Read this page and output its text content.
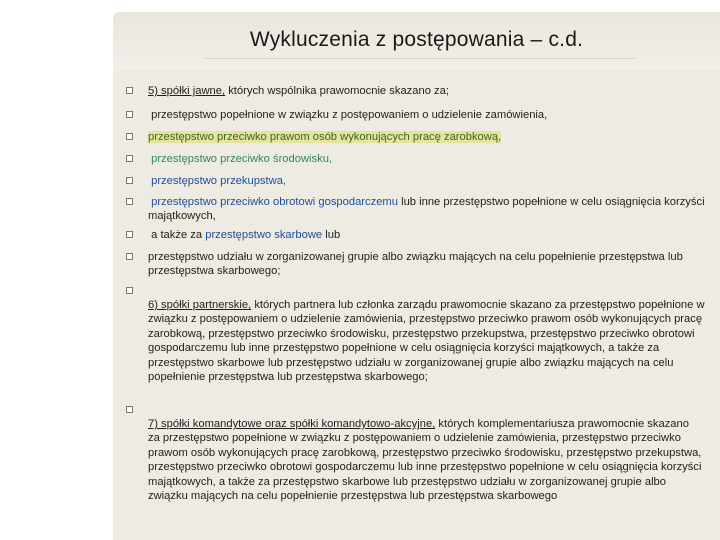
Wykluczenia z postępowania – c.d.

5) spółki jawne, których wspólnika prawomocnie skazano za;

przestępstwo popełnione w związku z postępowaniem o udzielenie zamówienia,

przestępstwo przeciwko prawom osób wykonujących pracę zarobkową,

przestępstwo przeciwko środowisku,

przestępstwo przekupstwa,

przestępstwo przeciwko obrotowi gospodarczemu lub inne przestępstwo popełnione w celu osiągnięcia korzyści majątkowych,

a także za przestępstwo skarbowe lub

przestępstwo udziału w zorganizowanej grupie albo związku mających na celu popełnienie przestępstwa lub przestępstwa skarbowego;

6) spółki partnerskie, których partnera lub członka zarządu prawomocnie skazano za przestępstwo popełnione w związku z postępowaniem o udzielenie zamówienia, przestępstwo przeciwko prawom osób wykonujących pracę zarobkową, przestępstwo przeciwko środowisku, przestępstwo przekupstwa, przestępstwo przeciwko obrotowi gospodarczemu lub inne przestępstwo popełnione w celu osiągnięcia korzyści majątkowych, a także za przestępstwo skarbowe lub przestępstwo udziału w zorganizowanej grupie albo związku mających na celu popełnienie przestępstwa lub przestępstwa skarbowego;

7) spółki komandytowe oraz spółki komandytowo-akcyjne, których komplementariusza prawomocnie skazano za przestępstwo popełnione w związku z postępowaniem o udzielenie zamówienia, przestępstwo przeciwko prawom osób wykonujących pracę zarobkową, przestępstwo przeciwko środowisku, przestępstwo przekupstwa, przestępstwo przeciwko obrotowi gospodarczemu lub inne przestępstwo popełnione w celu osiągnięcia korzyści majątkowych, a także za przestępstwo skarbowe lub przestępstwo udziału w zorganizowanej grupie albo związku mających na celu popełnienie przestępstwa lub przestępstwa skarbowego
